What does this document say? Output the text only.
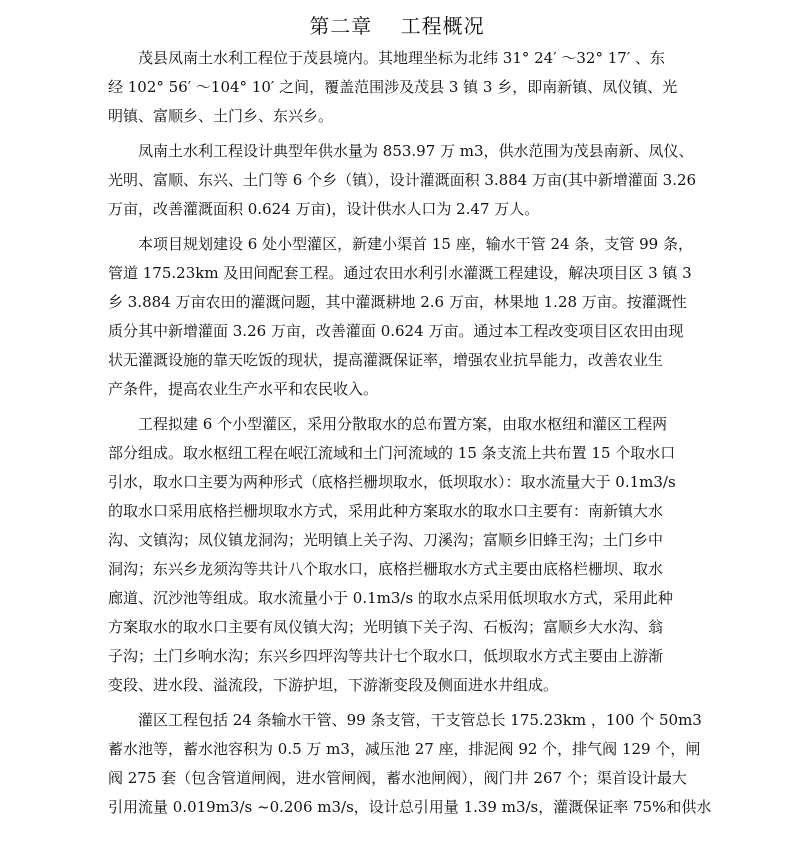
第二章　 工程概况
茂县凤南土水利工程位于茂县境内。其地理坐标为北纬 31° 24′ ～32° 17′ 、东
经 102° 56′ ～104° 10′ 之间，覆盖范围涉及茂县 3 镇 3 乡，即南新镇、凤仪镇、光
明镇、富顺乡、土门乡、东兴乡。
凤南土水利工程设计典型年供水量为 853.97 万 m3，供水范围为茂县南新、凤仪、
光明、富顺、东兴、土门等 6 个乡（镇），设计灌溉面积 3.884 万亩(其中新增灌面 3.26
万亩，改善灌溉面积 0.624 万亩)，设计供水人口为 2.47 万人。
本项目规划建设 6 处小型灌区，新建小渠首 15 座，输水干管 24 条，支管 99 条，
管道 175.23km 及田间配套工程。通过农田水利引水灌溉工程建设，解决项目区 3 镇 3
乡 3.884 万亩农田的灌溉问题，其中灌溉耕地 2.6 万亩，林果地 1.28 万亩。按灌溉性
质分其中新增灌面 3.26 万亩，改善灌面 0.624 万亩。通过本工程改变项目区农田由现
状无灌溉设施的靠天吃饭的现状，提高灌溉保证率，增强农业抗旱能力，改善农业生
产条件，提高农业生产水平和农民收入。
工程拟建 6 个小型灌区，采用分散取水的总布置方案，由取水枢纽和灌区工程两
部分组成。取水枢纽工程在岷江流域和土门河流域的 15 条支流上共布置 15 个取水口
引水，取水口主要为两种形式（底格拦栅坝取水，低坝取水）：取水流量大于 0.1m3/s
的取水口采用底格拦栅坝取水方式，采用此种方案取水的取水口主要有：南新镇大水
沟、文镇沟；凤仪镇龙洞沟；光明镇上关子沟、刀溪沟；富顺乡旧蜂王沟；土门乡中
洞沟；东兴乡龙须沟等共计八个取水口，底格拦栅取水方式主要由底格栏栅坝、取水
廊道、沉沙池等组成。取水流量小于 0.1m3/s 的取水点采用低坝取水方式，采用此种
方案取水的取水口主要有凤仪镇大沟；光明镇下关子沟、石板沟；富顺乡大水沟、翁
子沟；土门乡响水沟；东兴乡四坪沟等共计七个取水口，低坝取水方式主要由上游渐
变段、进水段、溢流段，下游护坦，下游渐变段及侧面进水井组成。
灌区工程包括 24 条输水干管、99 条支管，干支管总长 175.23km ，100 个 50m3
蓄水池等，蓄水池容积为 0.5 万 m3，减压池 27 座，排泥阀 92 个，排气阀 129 个，闸
阀 275 套（包含管道闸阀，进水管闸阀，蓄水池闸阀），阀门井 267 个；渠首设计最大
引用流量 0.019m3/s ~0.206 m3/s，设计总引用量 1.39 m3/s，灌溉保证率 75%和供水
